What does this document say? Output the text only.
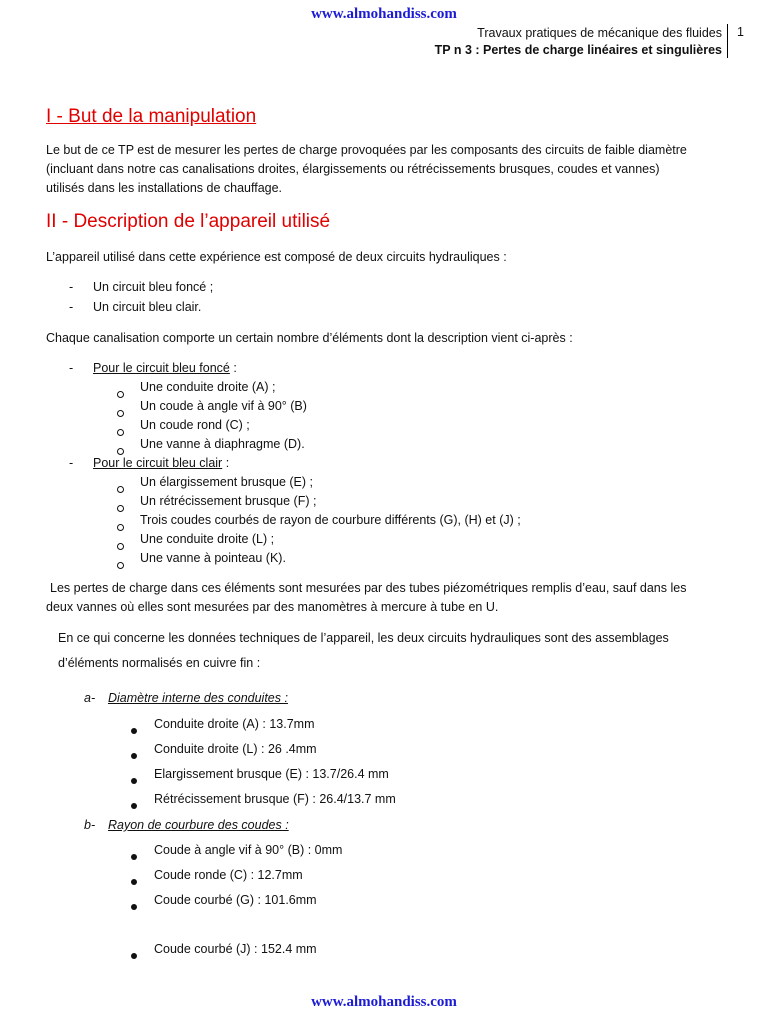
www.almohandiss.com
Travaux pratiques de mécanique des fluides
TP n 3 : Pertes de charge linéaires et singulières
1
I - But de la manipulation
Le but de ce TP est de mesurer les pertes de charge provoquées par les composants des circuits de faible diamètre
(incluant dans notre cas canalisations droites, élargissements ou rétrécissements brusques, coudes et vannes)
utilisés dans les installations de chauffage.
II - Description de l’appareil utilisé
L’appareil utilisé dans cette expérience est composé de deux circuits hydrauliques :
- Un circuit bleu foncé ;
- Un circuit bleu clair.
Chaque canalisation comporte un certain nombre d’éléments dont la description vient ci-après :
- Pour le circuit bleu foncé :
Une conduite droite (A) ;
Un coude à angle vif à 90° (B)
Un coude rond (C) ;
Une vanne à diaphragme (D).
- Pour le circuit bleu clair :
Un élargissement brusque (E) ;
Un rétrécissement brusque (F) ;
Trois coudes courbés de rayon de courbure différents (G), (H) et (J) ;
Une conduite droite (L) ;
Une vanne à pointeau (K).
Les pertes de charge dans ces éléments sont mesurées par des tubes piézométriques remplis d’eau, sauf dans les
deux vannes où elles sont mesurées par des manomètres à mercure à tube en U.
En ce qui concerne les données techniques de l’appareil, les deux circuits hydrauliques sont des assemblages
d’éléments normalisés en cuivre fin :
a- Diamètre interne des conduites :
Conduite droite (A) : 13.7mm
Conduite droite (L) : 26 .4mm
Elargissement brusque (E) : 13.7/26.4 mm
Rétrécissement brusque (F) : 26.4/13.7 mm
b- Rayon de courbure des coudes :
Coude à angle vif à 90° (B) : 0mm
Coude ronde (C) : 12.7mm
Coude courbé (G) : 101.6mm
Coude courbé (J) : 152.4 mm
www.almohandiss.com
